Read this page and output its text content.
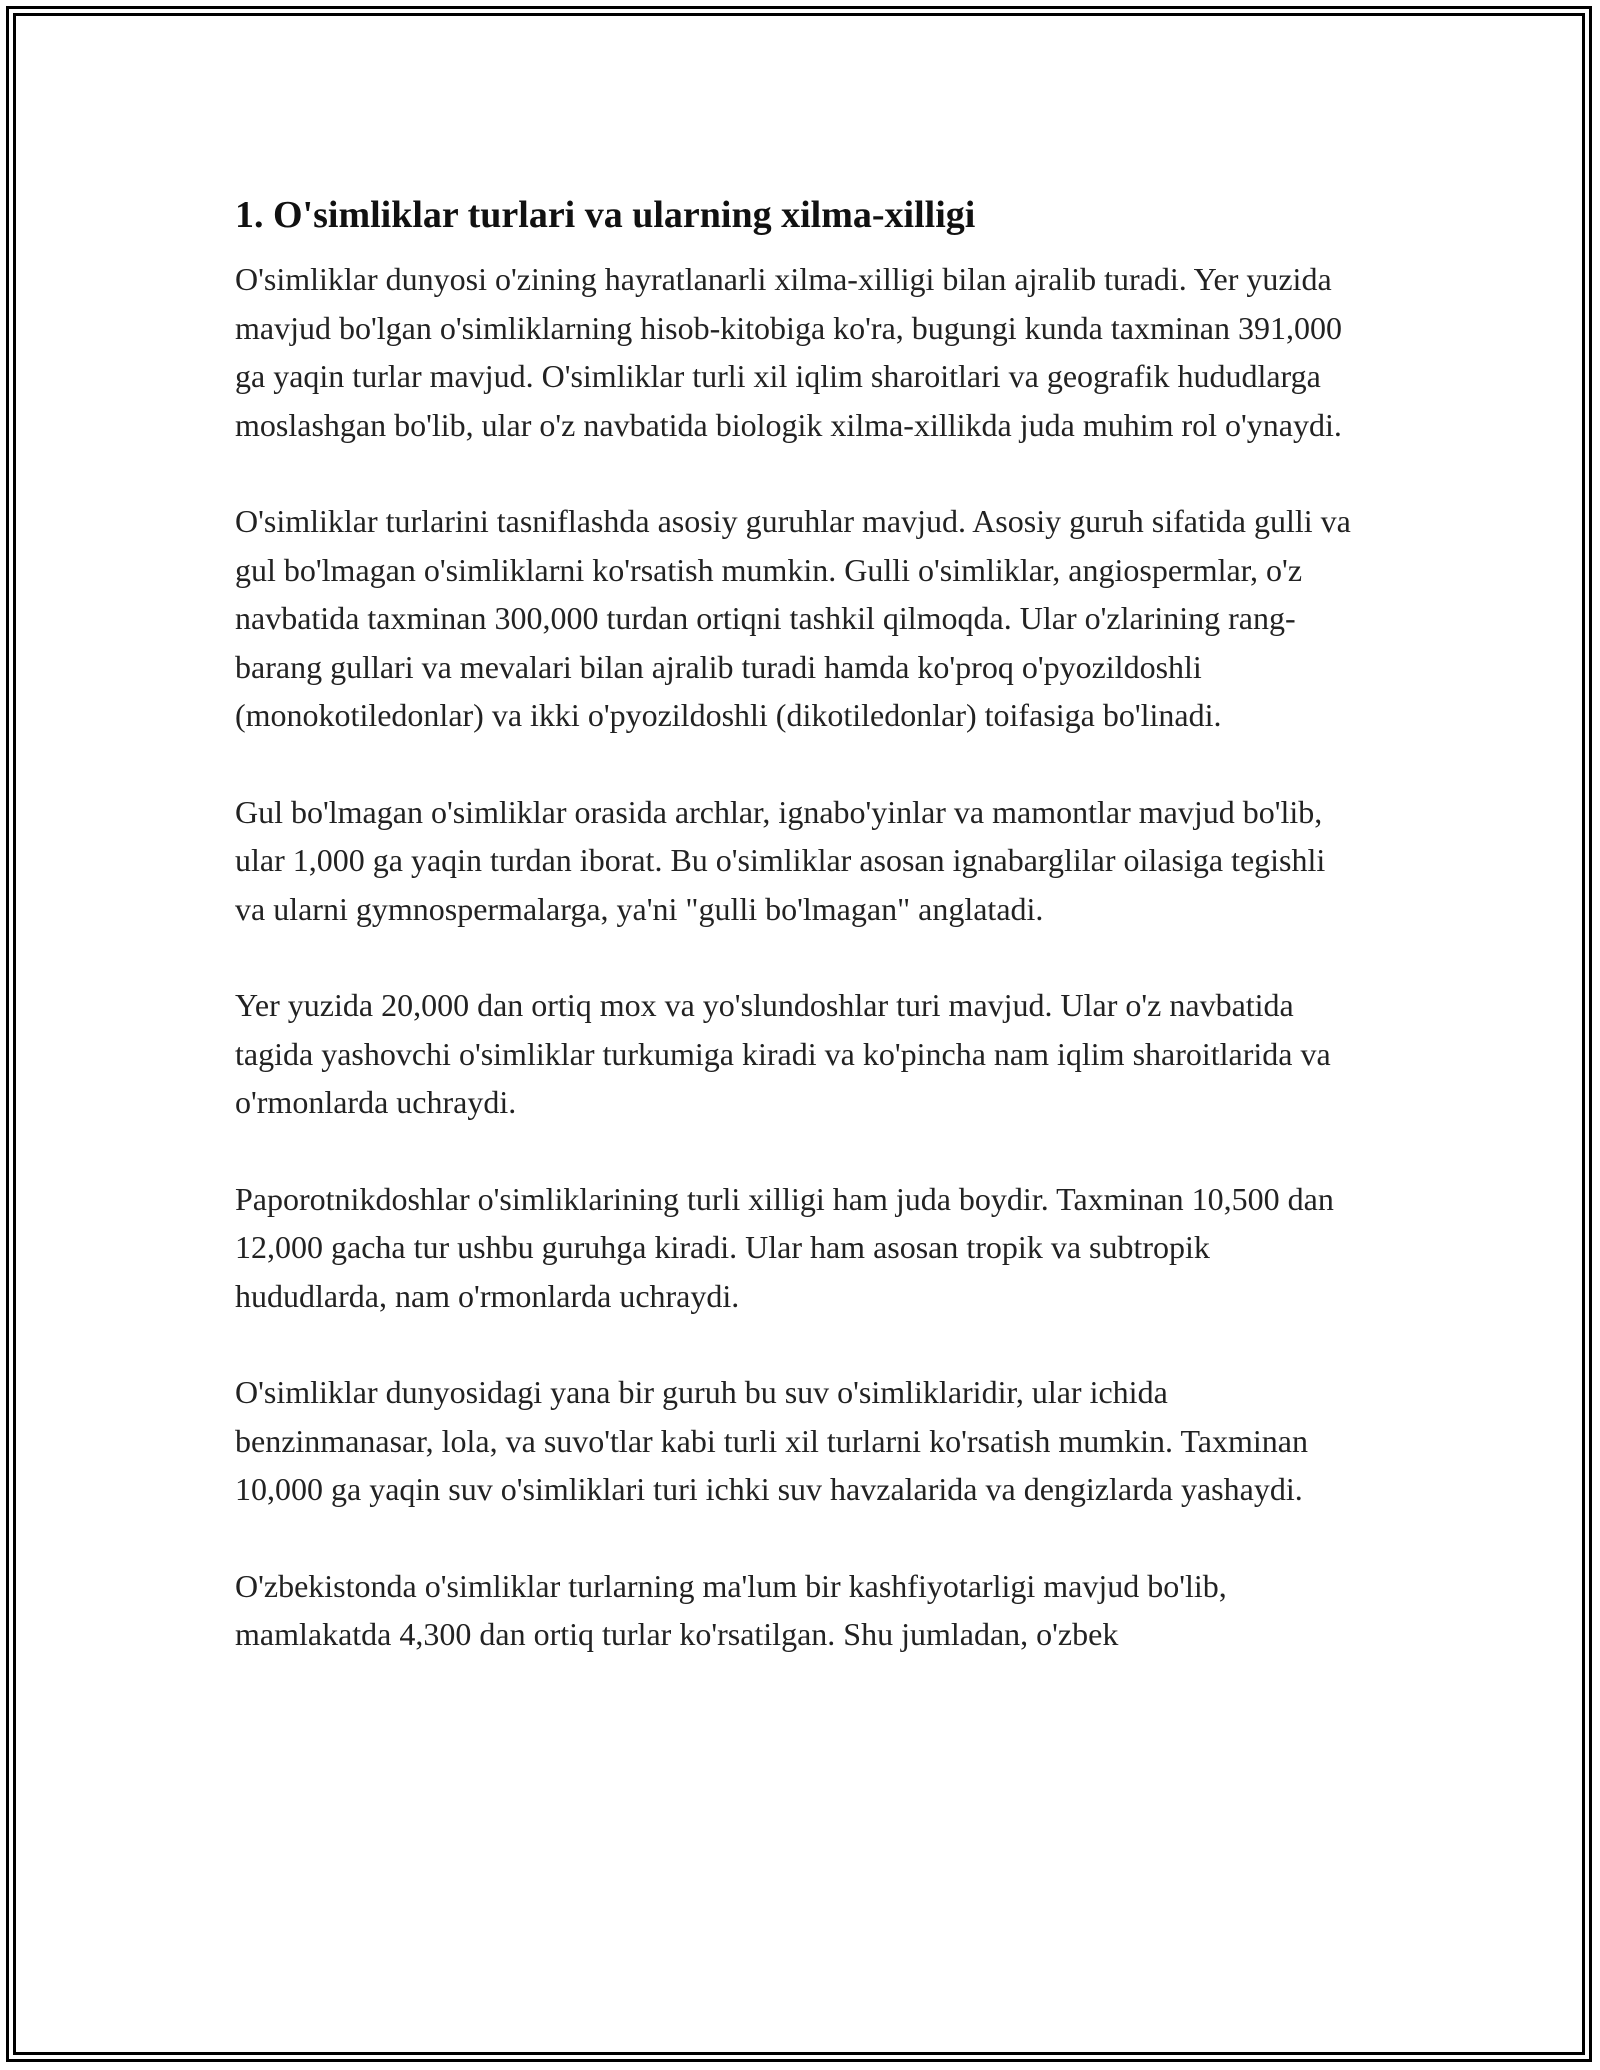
1. O'simliklar turlari va ularning xilma-xilligi

O'simliklar dunyosi o'zining hayratlanarli xilma-xilligi bilan ajralib turadi. Yer yuzida mavjud bo'lgan o'simliklarning hisob-kitobiga ko'ra, bugungi kunda taxminan 391,000 ga yaqin turlar mavjud. O'simliklar turli xil iqlim sharoitlari va geografik hududlarga moslashgan bo'lib, ular o'z navbatida biologik xilma-xillikda juda muhim rol o'ynaydi.

O'simliklar turlarini tasniflashda asosiy guruhlar mavjud. Asosiy guruh sifatida gulli va gul bo'lmagan o'simliklarni ko'rsatish mumkin. Gulli o'simliklar, angiospermlar, o'z navbatida taxminan 300,000 turdan ortiqni tashkil qilmoqda. Ular o'zlarining rang-barang gullari va mevalari bilan ajralib turadi hamda ko'proq o'pyozildoshli (monokotiledonlar) va ikki o'pyozildoshli (dikotiledonlar) toifasiga bo'linadi.

Gul bo'lmagan o'simliklar orasida archlar, ignabo'yinlar va mamontlar mavjud bo'lib, ular 1,000 ga yaqin turdan iborat. Bu o'simliklar asosan ignabarglilar oilasiga tegishli va ularni gymnospermalarga, ya'ni "gulli bo'lmagan" anglatadi.

Yer yuzida 20,000 dan ortiq mox va yo'slundoshlar turi mavjud. Ular o'z navbatida tagida yashovchi o'simliklar turkumiga kiradi va ko'pincha nam iqlim sharoitlarida va o'rmonlarda uchraydi.

Paporotnikdoshlar o'simliklarining turli xilligi ham juda boydir. Taxminan 10,500 dan 12,000 gacha tur ushbu guruhga kiradi. Ular ham asosan tropik va subtropik hududlarda, nam o'rmonlarda uchraydi.

O'simliklar dunyosidagi yana bir guruh bu suv o'simliklaridir, ular ichida benzinmanasar, lola, va suvo'tlar kabi turli xil turlarni ko'rsatish mumkin. Taxminan 10,000 ga yaqin suv o'simliklari turi ichki suv havzalarida va dengizlarda yashaydi.

O'zbekistonda o'simliklar turlarning ma'lum bir kashfiyotarligi mavjud bo'lib, mamlakatda 4,300 dan ortiq turlar ko'rsatilgan. Shu jumladan, o'zbek
